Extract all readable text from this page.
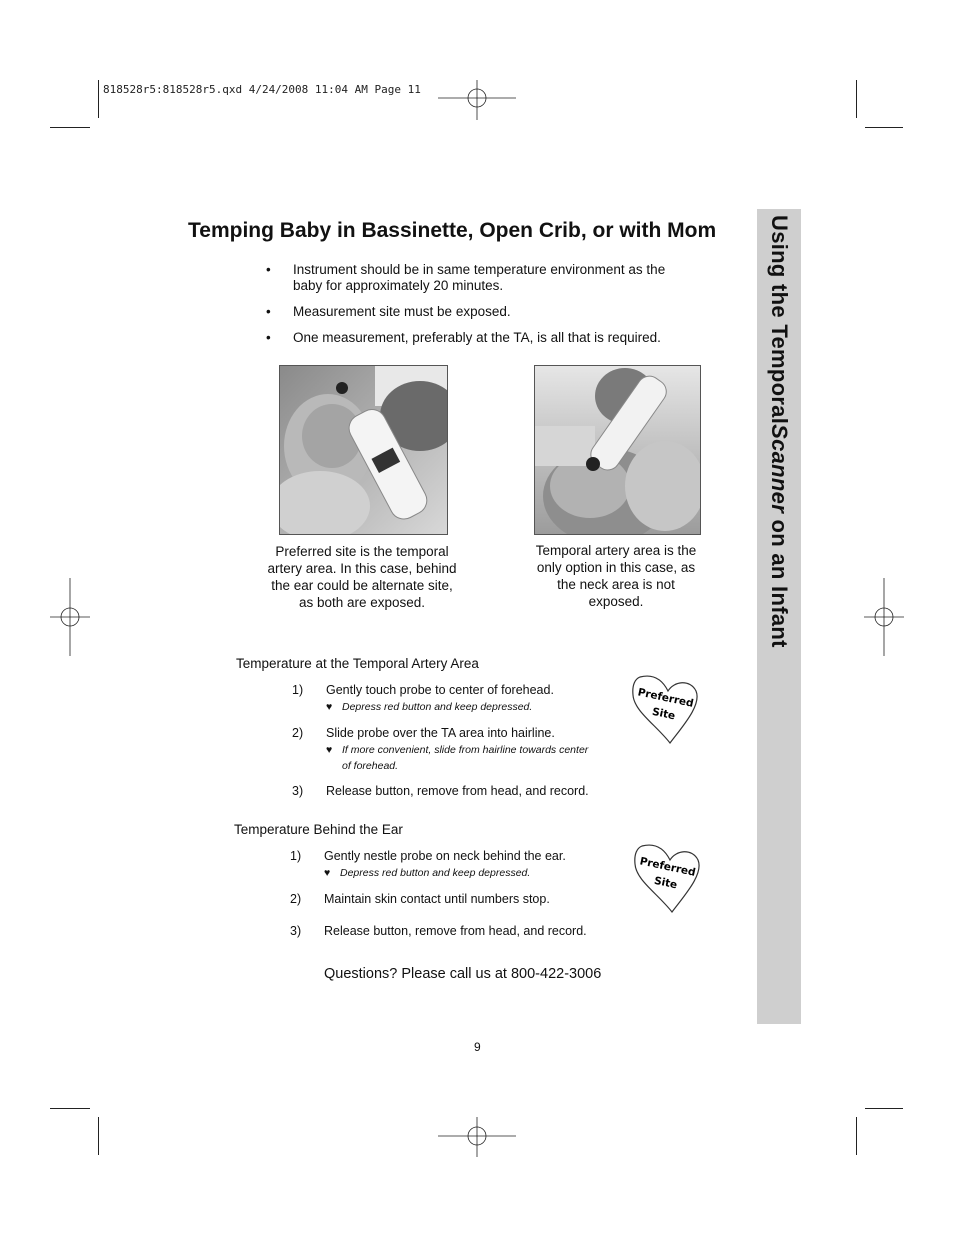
818528r5:818528r5.qxd 4/24/2008 11:04 AM Page 11
Temping Baby in Bassinette, Open Crib, or with Mom
• Instrument should be in same temperature environment as the baby for approximately 20 minutes.
• Measurement site must be exposed.
• One measurement, preferably at the TA, is all that is required.
Preferred site is the temporal artery area. In this case, behind the ear could be alternate site, as both are exposed.
Temporal artery area is the only option in this case, as the neck area is not exposed.
Temperature at the Temporal Artery Area
1) Gently touch probe to center of forehead.
♥ Depress red button and keep depressed.
2) Slide probe over the TA area into hairline.
♥ If more convenient, slide from hairline towards center
of forehead.
3) Release button, remove from head, and record.
Preferred
Site
Temperature Behind the Ear
1) Gently nestle probe on neck behind the ear.
♥ Depress red button and keep depressed.
2) Maintain skin contact until numbers stop.
3) Release button, remove from head, and record.
Preferred
Site
Questions? Please call us at 800-422-3006
9
Using the TemporalScanner on an Infant
